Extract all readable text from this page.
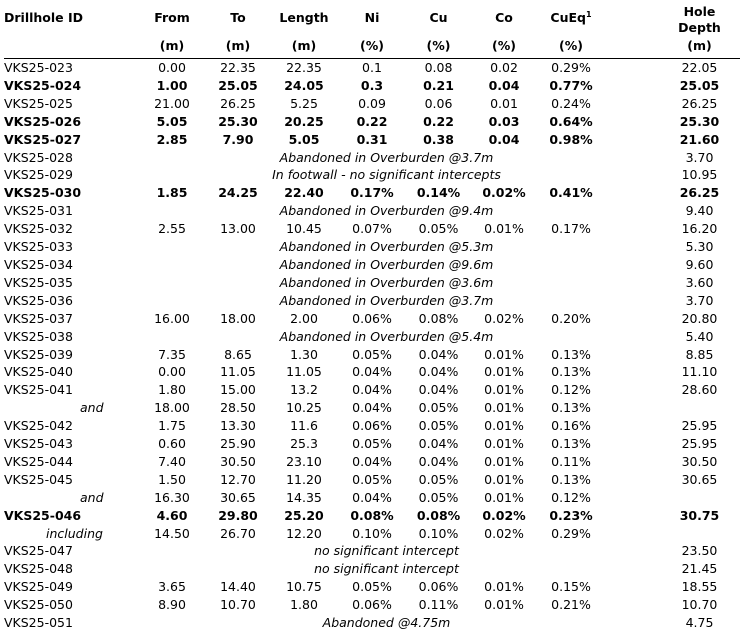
Drillhole ID	From	To	Length	Ni	Cu	Co	CuEq$^1$		Hole
Depth
	(m)	(m)	(m)	(%)	(%)	(%)	(%)		(m)
VKS25-023	0.00	22.35	22.35	0.1	0.08	0.02	0.29%		22.05
VKS25-024	1.00	25.05	24.05	0.3	0.21	0.04	0.77%		25.05
VKS25-025	21.00	26.25	5.25	0.09	0.06	0.01	0.24%		26.25
VKS25-026	5.05	25.30	20.25	0.22	0.22	0.03	0.64%		25.30
VKS25-027	2.85	7.90	5.05	0.31	0.38	0.04	0.98%		21.60
VKS25-028	Abandoned in Overburden @3.7m								3.70
VKS25-029	In footwall - no significant intercepts								10.95
VKS25-030	1.85	24.25	22.40	0.17%	0.14%	0.02%	0.41%		26.25
VKS25-031	Abandoned in Overburden @9.4m								9.40
VKS25-032	2.55	13.00	10.45	0.07%	0.05%	0.01%	0.17%		16.20
VKS25-033	Abandoned in Overburden @5.3m								5.30
VKS25-034	Abandoned in Overburden @9.6m								9.60
VKS25-035	Abandoned in Overburden @3.6m								3.60
VKS25-036	Abandoned in Overburden @3.7m								3.70
VKS25-037	16.00	18.00	2.00	0.06%	0.08%	0.02%	0.20%		20.80
VKS25-038	Abandoned in Overburden @5.4m								5.40
VKS25-039	7.35	8.65	1.30	0.05%	0.04%	0.01%	0.13%		8.85
VKS25-040	0.00	11.05	11.05	0.04%	0.04%	0.01%	0.13%		11.10
VKS25-041	1.80	15.00	13.2	0.04%	0.04%	0.01%	0.12%		28.60
and	18.00	28.50	10.25	0.04%	0.05%	0.01%	0.13%		
VKS25-042	1.75	13.30	11.6	0.06%	0.05%	0.01%	0.16%		25.95
VKS25-043	0.60	25.90	25.3	0.05%	0.04%	0.01%	0.13%		25.95
VKS25-044	7.40	30.50	23.10	0.04%	0.04%	0.01%	0.11%		30.50
VKS25-045	1.50	12.70	11.20	0.05%	0.05%	0.01%	0.13%		30.65
and	16.30	30.65	14.35	0.04%	0.05%	0.01%	0.12%		
VKS25-046	4.60	29.80	25.20	0.08%	0.08%	0.02%	0.23%		30.75
including	14.50	26.70	12.20	0.10%	0.10%	0.02%	0.29%		
VKS25-047	no significant intercept								23.50
VKS25-048	no significant intercept								21.45
VKS25-049	3.65	14.40	10.75	0.05%	0.06%	0.01%	0.15%		18.55
VKS25-050	8.90	10.70	1.80	0.06%	0.11%	0.01%	0.21%		10.70
VKS25-051	Abandoned @4.75m								4.75
